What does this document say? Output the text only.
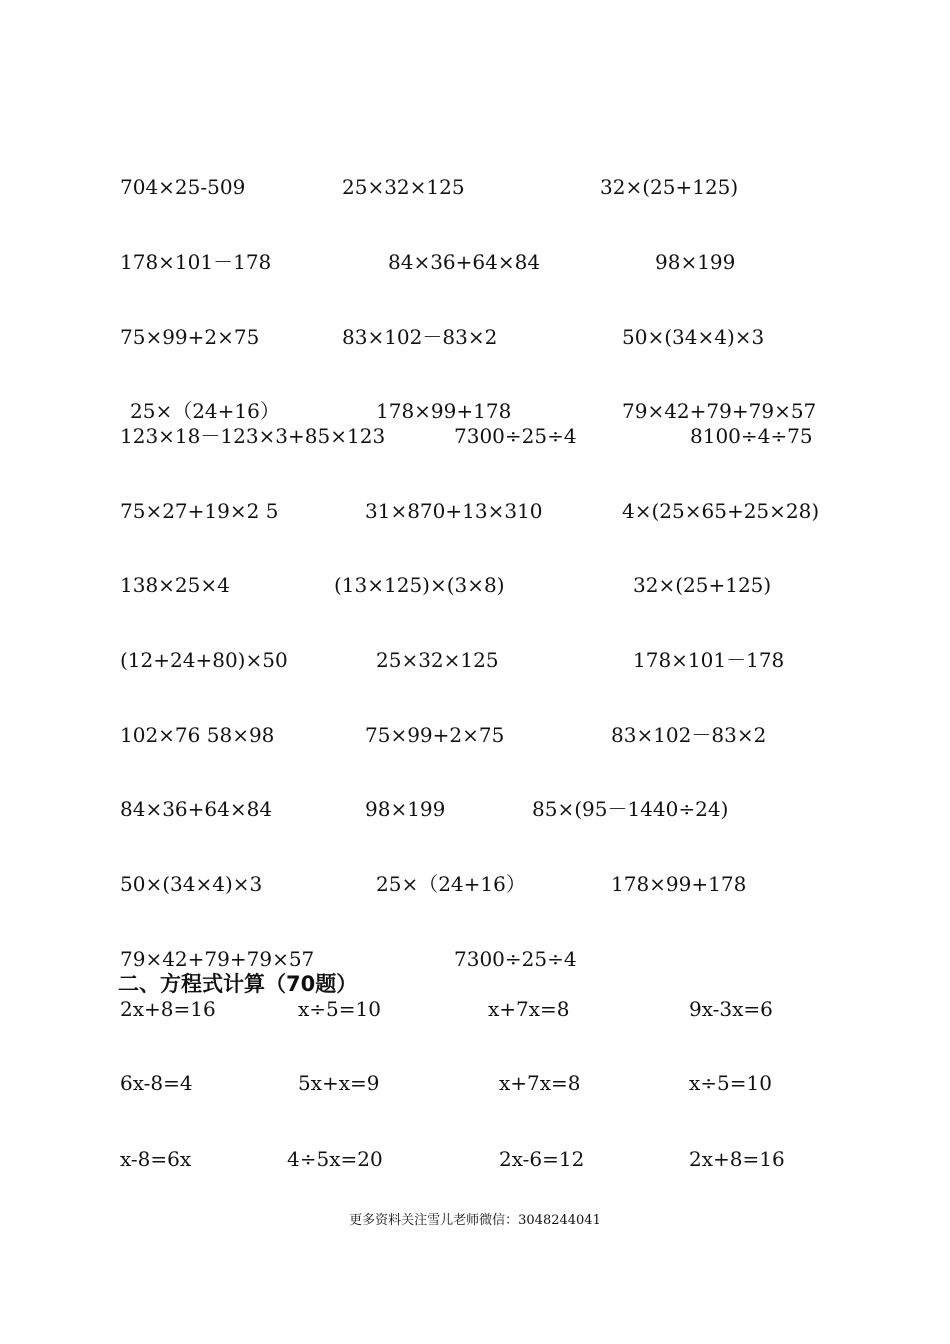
704×25-509	25×32×125	32×(25+125)
178×101－178	84×36+64×84	98×199
75×99+2×75	83×102－83×2	50×(34×4)×3
25×（24+16）	178×99+178	79×42+79+79×57
123×18－123×3+85×123	7300÷25÷4	8100÷4÷75
75×27+19×2 5	31×870+13×310	4×(25×65+25×28)
138×25×4	(13×125)×(3×8)	32×(25+125)
(12+24+80)×50	25×32×125	178×101－178
102×76 58×98	75×99+2×75	83×102－83×2
84×36+64×84	98×199	85×(95－1440÷24)
50×(34×4)×3	25×（24+16）	178×99+178
79×42+79+79×57	7300÷25÷4
二、方程式计算（70题）
2x+8=16	x÷5=10	x+7x=8	9x-3x=6
6x-8=4	5x+x=9	x+7x=8	x÷5=10
x-8=6x	4÷5x=20	2x-6=12	2x+8=16
更多资料关注雪儿老师微信：3048244041
